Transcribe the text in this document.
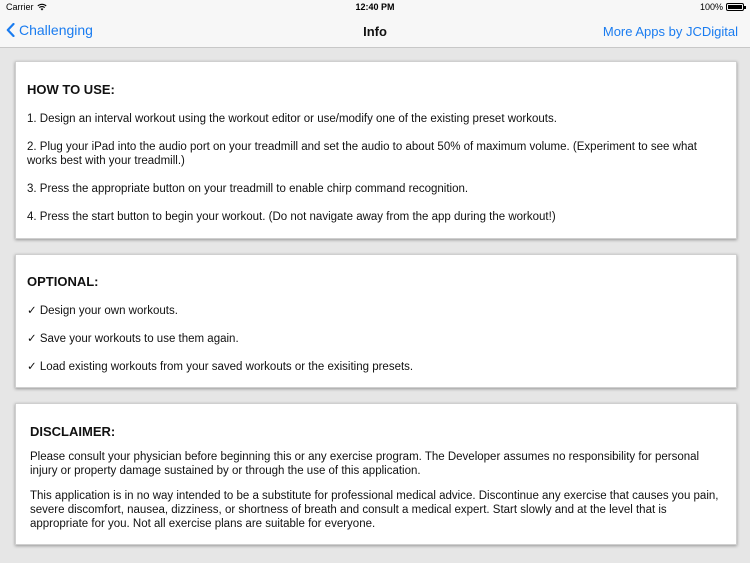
Carrier	12:40 PM	100%
Challenging	Info	More Apps by JCDigital
HOW TO USE:

1. Design an interval workout using the workout editor or use/modify one of the existing preset workouts.

2. Plug your iPad into the audio port on your treadmill and set the audio to about 50% of maximum volume. (Experiment to see what works best with your treadmill.)

3. Press the appropriate button on your treadmill to enable chirp command recognition.

4. Press the start button to begin your workout. (Do not navigate away from the app during the workout!)

OPTIONAL:

✓ Design your own workouts.

✓ Save your workouts to use them again.

✓ Load existing workouts from your saved workouts or the exisiting presets.

DISCLAIMER:

Please consult your physician before beginning this or any exercise program. The Developer assumes no responsibility for personal injury or property damage sustained by or through the use of this application.

This application is in no way intended to be a substitute for professional medical advice. Discontinue any exercise that causes you pain, severe discomfort, nausea, dizziness, or shortness of breath and consult a medical expert. Start slowly and at the level that is appropriate for you. Not all exercise plans are suitable for everyone.
